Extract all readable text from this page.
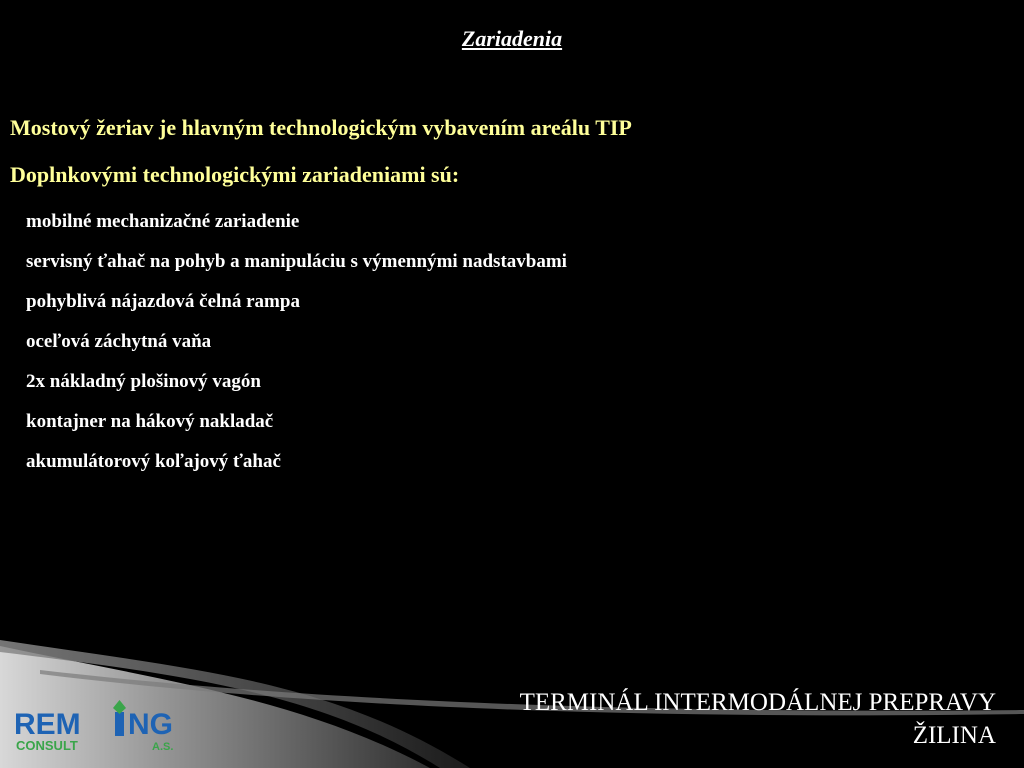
Zariadenia
Mostový žeriav je hlavným technologickým vybavením areálu TIP
Doplnkovými technologickými zariadeniami sú:
mobilné mechanizačné zariadenie
servisný ťahač na pohyb a manipuláciu s výmennými nadstavbami
pohyblivá nájazdová čelná rampa
oceľová záchytná vaňa
2x nákladný plošinový vagón
kontajner na hákový nakladač
akumulátorový koľajový ťahač
REM NG
CONSULT	A.S.
TERMINÁL INTERMODÁLNEJ PREPRAVY
ŽILINA
